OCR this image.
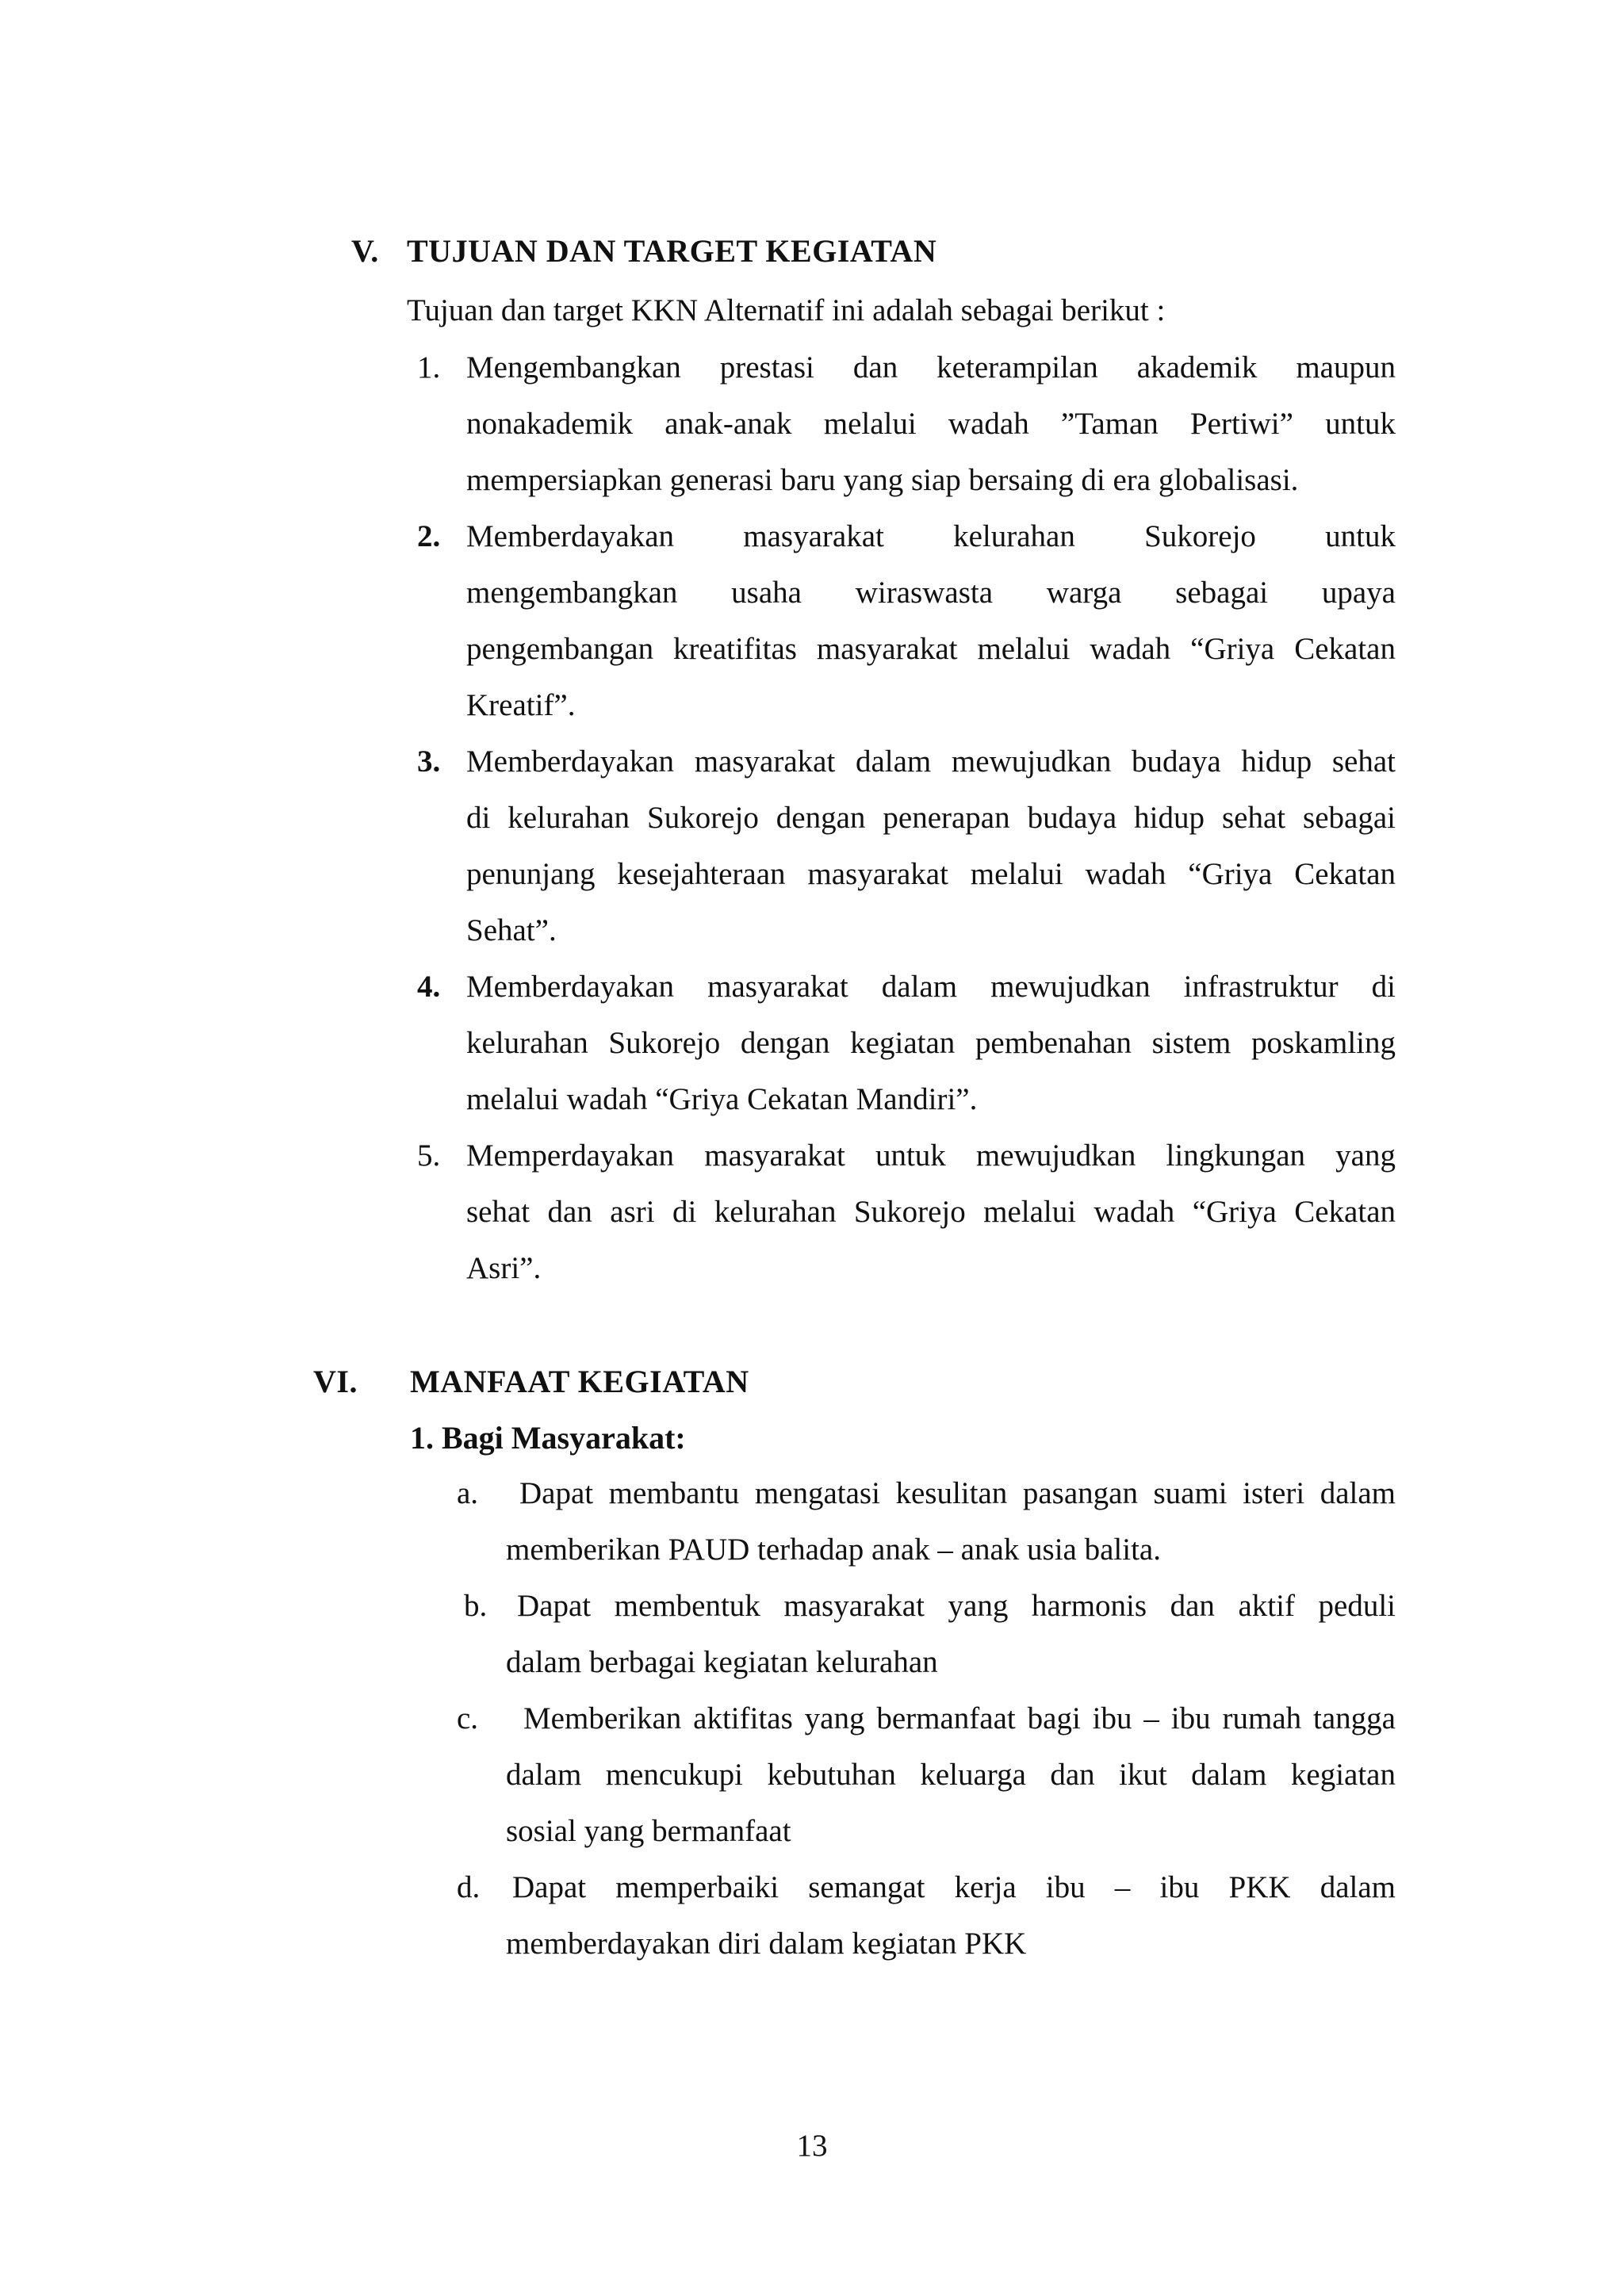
V. TUJUAN DAN TARGET KEGIATAN
Tujuan dan target KKN Alternatif ini adalah sebagai berikut :
1. Mengembangkan prestasi dan keterampilan akademik maupun
nonakademik anak-anak melalui wadah ”Taman Pertiwi” untuk
mempersiapkan generasi baru yang siap bersaing di era globalisasi.
2. Memberdayakan masyarakat kelurahan Sukorejo untuk
mengembangkan usaha wiraswasta warga sebagai upaya
pengembangan kreatifitas masyarakat melalui wadah “Griya Cekatan
Kreatif”.
3. Memberdayakan masyarakat dalam mewujudkan budaya hidup sehat
di kelurahan Sukorejo dengan penerapan budaya hidup sehat sebagai
penunjang kesejahteraan masyarakat melalui wadah “Griya Cekatan
Sehat”.
4. Memberdayakan masyarakat dalam mewujudkan infrastruktur di
kelurahan Sukorejo dengan kegiatan pembenahan sistem poskamling
melalui wadah “Griya Cekatan Mandiri”.
5. Memperdayakan masyarakat untuk mewujudkan lingkungan yang
sehat dan asri di kelurahan Sukorejo melalui wadah “Griya Cekatan
Asri”.
VI. MANFAAT KEGIATAN
1. Bagi Masyarakat:
a. Dapat membantu mengatasi kesulitan pasangan suami isteri dalam
memberikan PAUD terhadap anak – anak usia balita.
b. Dapat membentuk masyarakat yang harmonis dan aktif peduli
dalam berbagai kegiatan kelurahan
c. Memberikan aktifitas yang bermanfaat bagi ibu – ibu rumah tangga
dalam mencukupi kebutuhan keluarga dan ikut dalam kegiatan
sosial yang bermanfaat
d. Dapat memperbaiki semangat kerja ibu – ibu PKK dalam
memberdayakan diri dalam kegiatan PKK
13
